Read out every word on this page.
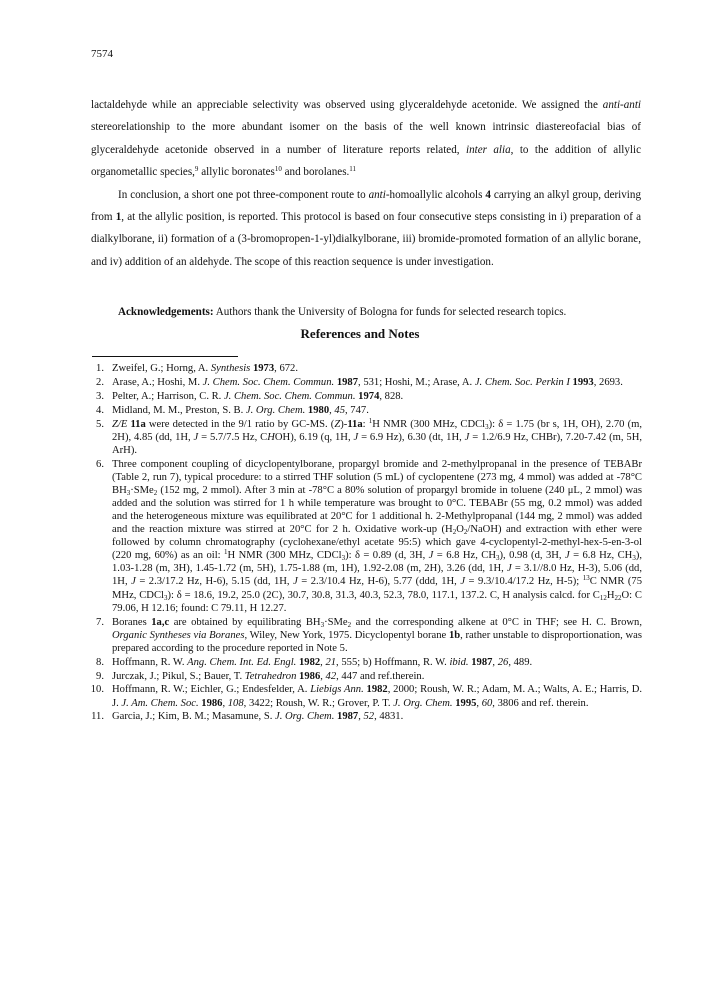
7574

lactaldehyde while an appreciable selectivity was observed using glyceraldehyde acetonide. We assigned the anti-anti stereorelationship to the more abundant isomer on the basis of the well known intrinsic diastereofacial bias of glyceraldehyde acetonide observed in a number of literature reports related, inter alia, to the addition of allylic organometallic species,$^9$ allylic boronates$^{10}$ and borolanes.$^{11}$

In conclusion, a short one pot three-component route to anti-homoallylic alcohols 4 carrying an alkyl group, deriving from 1, at the allylic position, is reported. This protocol is based on four consecutive steps consisting in i) preparation of a dialkylborane, ii) formation of a (3-bromopropen-1-yl)dialkylborane, iii) bromide-promoted formation of an allylic borane, and iv) addition of an aldehyde. The scope of this reaction sequence is under investigation.

Acknowledgements: Authors thank the University of Bologna for funds for selected research topics.
References and Notes
1. Zweifel, G.; Horng, A. Synthesis 1973, 672.
2. Arase, A.; Hoshi, M. J. Chem. Soc. Chem. Commun. 1987, 531; Hoshi, M.; Arase, A. J. Chem. Soc. Perkin I 1993, 2693.
3. Pelter, A.; Harrison, C. R. J. Chem. Soc. Chem. Commun. 1974, 828.
4. Midland, M. M., Preston, S. B. J. Org. Chem. 1980, 45, 747.
5. Z/E 11a were detected in the 9/1 ratio by GC-MS. (Z)-11a: $^1$H NMR (300 MHz, CDCl$_3$): δ = 1.75 (br s, 1H, OH), 2.70 (m, 2H), 4.85 (dd, 1H, J = 5.7/7.5 Hz, CHOH), 6.19 (q, 1H, J = 6.9 Hz), 6.30 (dt, 1H, J = 1.2/6.9 Hz, CHBr), 7.20-7.42 (m, 5H, ArH).
6. Three component coupling of dicyclopentylborane, propargyl bromide and 2-methylpropanal in the presence of TEBABr (Table 2, run 7), typical procedure: to a stirred THF solution (5 mL) of cyclopentene (273 mg, 4 mmol) was added at -78°C $BH_3\cdot SMe_2$ (152 mg, 2 mmol). After 3 min at -78°C a 80% solution of propargyl bromide in toluene (240 μL, 2 mmol) was added and the solution was stirred for 1 h while temperature was brought to 0°C. TEBABr (55 mg, 0.2 mmol) was added and the heterogeneous mixture was equilibrated at 20°C for 1 additional h. 2-Methylpropanal (144 mg, 2 mmol) was added and the reaction mixture was stirred at 20°C for 2 h. Oxidative work-up $(H_2O_2/NaOH)$ and extraction with ether were followed by column chromatography (cyclohexane/ethyl acetate 95:5) which gave 4-cyclopentyl-2-methyl-hex-5-en-3-ol (220 mg, 60%) as an oil: $^1$H NMR (300 MHz, CDCl$_3$): δ = 0.89 (d, 3H, J = 6.8 Hz, $CH_3$), 0.98 (d, 3H, J = 6.8 Hz, $CH_3$), 1.03-1.28 (m, 3H), 1.45-1.72 (m, 5H), 1.75-1.88 (m, 1H), 1.92-2.08 (m, 2H), 3.26 (dd, 1H, J = 3.1//8.0 Hz, H-3), 5.06 (dd, 1H, J = 2.3/17.2 Hz, H-6), 5.15 (dd, 1H, J = 2.3/10.4 Hz, H-6), 5.77 (ddd, 1H, J = 9.3/10.4/17.2 Hz, H-5); $^{13}$C NMR (75 MHz, CDCl$_3$): δ = 18.6, 19.2, 25.0 (2C), 30.7, 30.8, 31.3, 40.3, 52.3, 78.0, 117.1, 137.2. C, H analysis calcd. for $C_{12}H_{22}O$: C 79.06, H 12.16; found: C 79.11, H 12.27.
7. Boranes 1a,c are obtained by equilibrating $BH_3\cdot SMe_2$ and the corresponding alkene at 0°C in THF; see H. C. Brown, Organic Syntheses via Boranes, Wiley, New York, 1975. Dicyclopentyl borane 1b, rather unstable to disproportionation, was prepared according to the procedure reported in Note 5.
8. Hoffmann, R. W. Ang. Chem. Int. Ed. Engl. 1982, 21, 555; b) Hoffmann, R. W. ibid. 1987, 26, 489.
9. Jurczak, J.; Pikul, S.; Bauer, T. Tetrahedron 1986, 42, 447 and ref.therein.
10. Hoffmann, R. W.; Eichler, G.; Endesfelder, A. Liebigs Ann. 1982, 2000; Roush, W. R.; Adam, M. A.; Walts, A. E.; Harris, D. J. J. Am. Chem. Soc. 1986, 108, 3422; Roush, W. R.; Grover, P. T. J. Org. Chem. 1995, 60, 3806 and ref. therein.
11. Garcia, J.; Kim, B. M.; Masamune, S. J. Org. Chem. 1987, 52, 4831.
